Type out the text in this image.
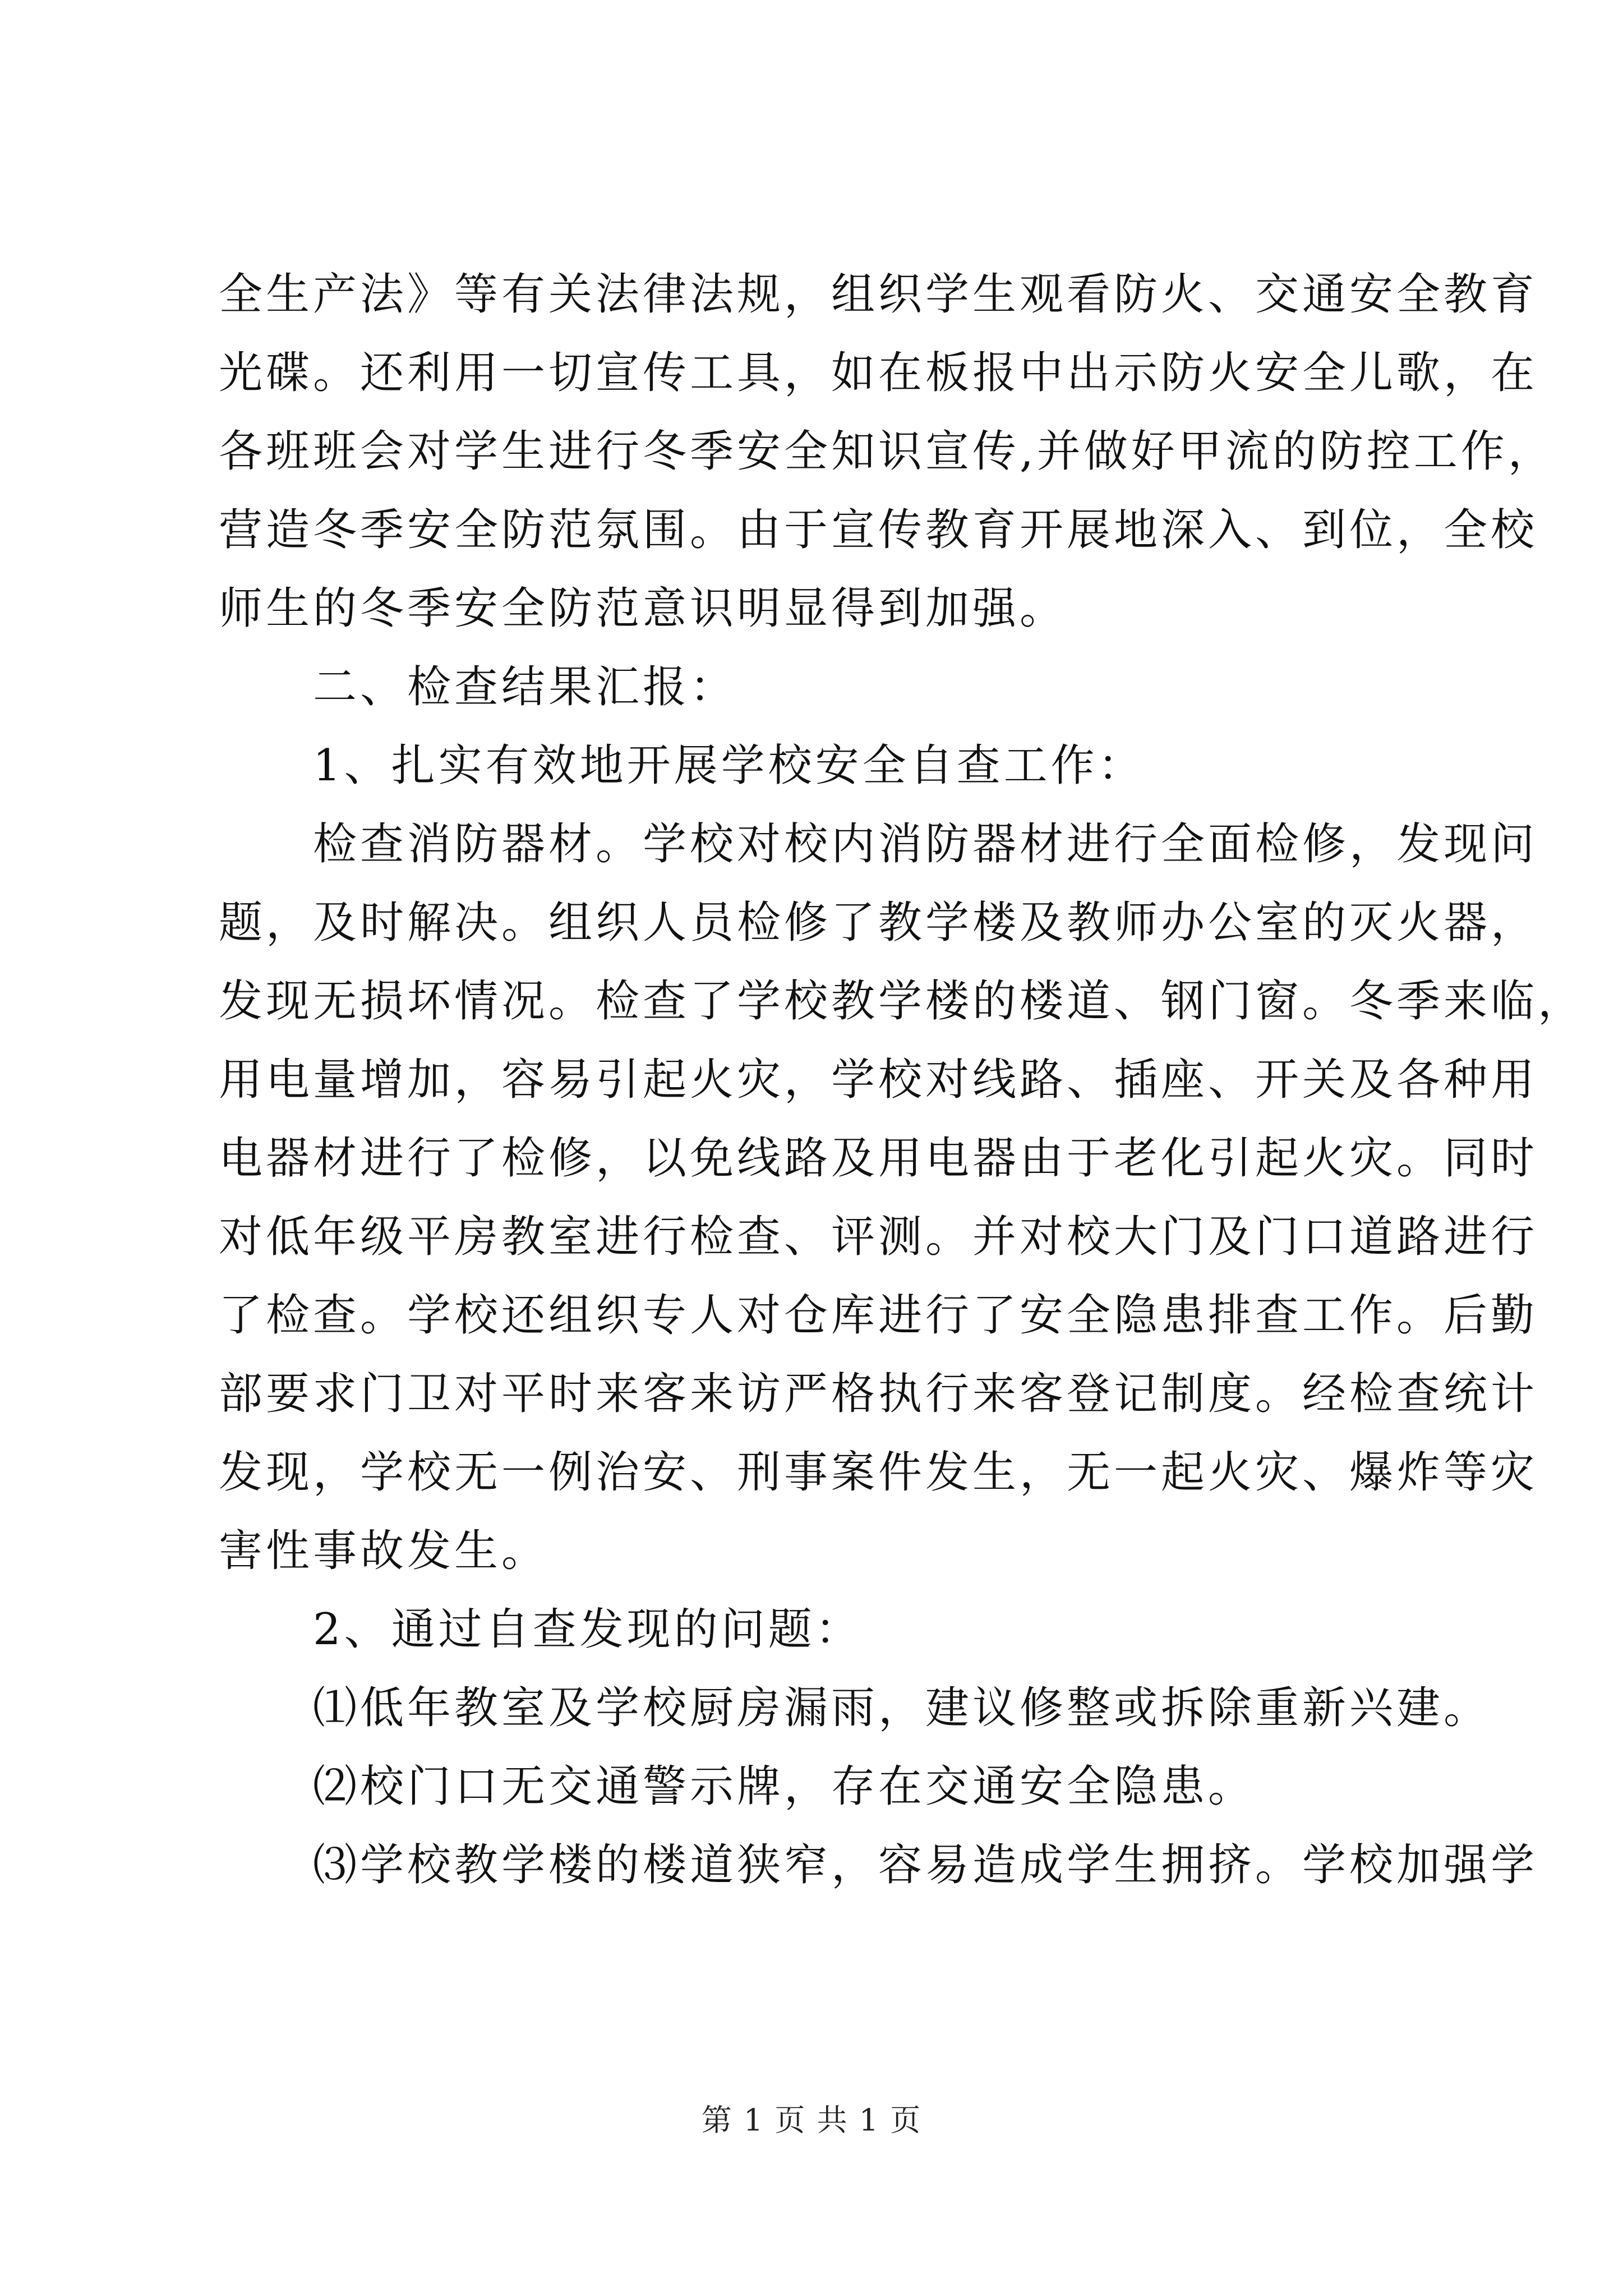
全生产法》等有关法律法规，组织学生观看防火、交通安全教育
光碟。还利用一切宣传工具，如在板报中出示防火安全儿歌，在
各班班会对学生进行冬季安全知识宣传,并做好甲流的防控工作，
营造冬季安全防范氛围。由于宣传教育开展地深入、到位，全校
师生的冬季安全防范意识明显得到加强。
　　二、检查结果汇报：
　　1、扎实有效地开展学校安全自查工作：
　　检查消防器材。学校对校内消防器材进行全面检修，发现问
题，及时解决。组织人员检修了教学楼及教师办公室的灭火器，
发现无损坏情况。检查了学校教学楼的楼道、钢门窗。冬季来临，
用电量增加，容易引起火灾，学校对线路、插座、开关及各种用
电器材进行了检修，以免线路及用电器由于老化引起火灾。同时
对低年级平房教室进行检查、评测。并对校大门及门口道路进行
了检查。学校还组织专人对仓库进行了安全隐患排查工作。后勤
部要求门卫对平时来客来访严格执行来客登记制度。经检查统计
发现，学校无一例治安、刑事案件发生，无一起火灾、爆炸等灾
害性事故发生。
　　2、通过自查发现的问题：
　　⑴低年教室及学校厨房漏雨，建议修整或拆除重新兴建。
　　⑵校门口无交通警示牌，存在交通安全隐患。
　　⑶学校教学楼的楼道狭窄，容易造成学生拥挤。学校加强学
第 1 页 共 1 页
